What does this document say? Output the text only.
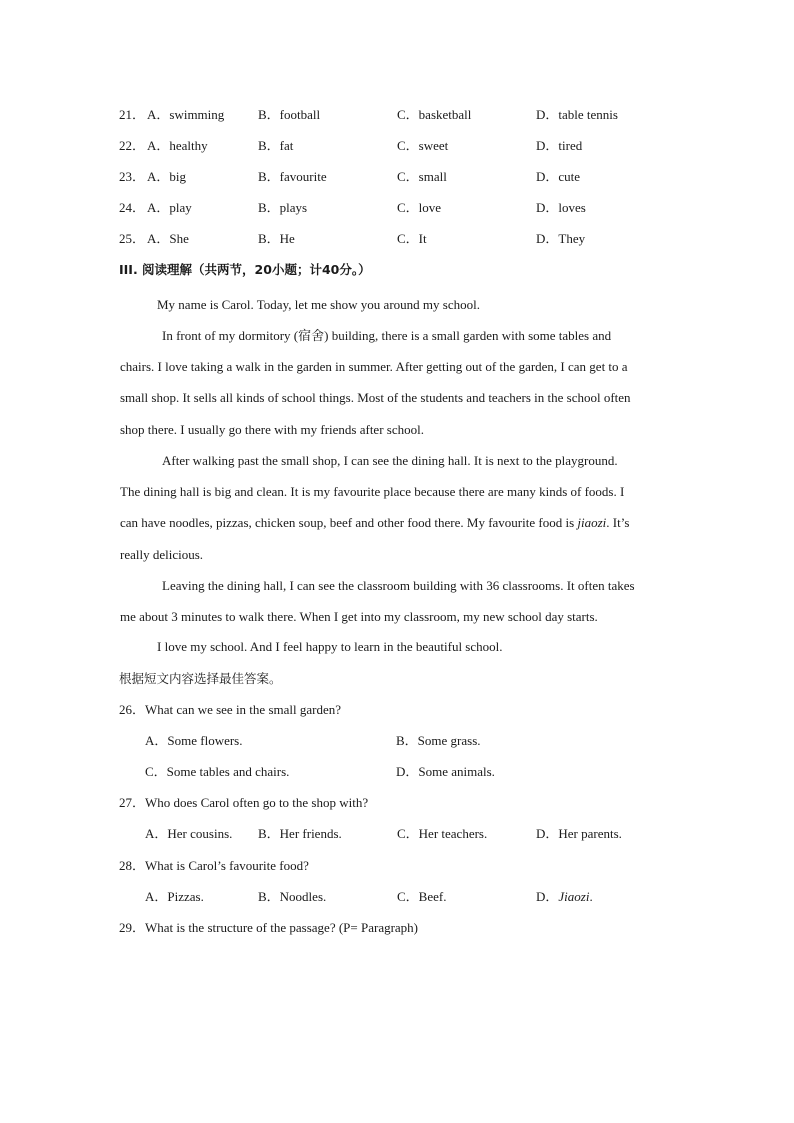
21． A．swimming	B．football	C．basketball	D．table tennis
22． A．healthy	B．fat	C．sweet	D．tired
23． A．big	B．favourite	C．small	D．cute
24． A．play	B．plays	C．love	D．loves
25． A．She	B．He	C．It	D．They
III. 阅读理解（共两节，20小题；计40分。）
My name is Carol. Today, let me show you around my school.
In front of my dormitory (宿舍) building, there is a small garden with some tables and
chairs. I love taking a walk in the garden in summer. After getting out of the garden, I can get to a
small shop. It sells all kinds of school things. Most of the students and teachers in the school often
shop there. I usually go there with my friends after school.
After walking past the small shop, I can see the dining hall. It is next to the playground.
The dining hall is big and clean. It is my favourite place because there are many kinds of foods. I
can have noodles, pizzas, chicken soup, beef and other food there. My favourite food is jiaozi. It’s
really delicious.
Leaving the dining hall, I can see the classroom building with 36 classrooms. It often takes
me about 3 minutes to walk there. When I get into my classroom, my new school day starts.
I love my school. And I feel happy to learn in the beautiful school.
根据短文内容选择最佳答案。
26．What can we see in the small garden?
A．Some flowers.	B．Some grass.
C．Some tables and chairs.	D．Some animals.
27．Who does Carol often go to the shop with?
A．Her cousins. B．Her friends.	C．Her teachers.	D．Her parents.
28．What is Carol’s favourite food?
A．Pizzas.	B．Noodles.	C．Beef.	D．Jiaozi.
29．What is the structure of the passage? (P= Paragraph)
